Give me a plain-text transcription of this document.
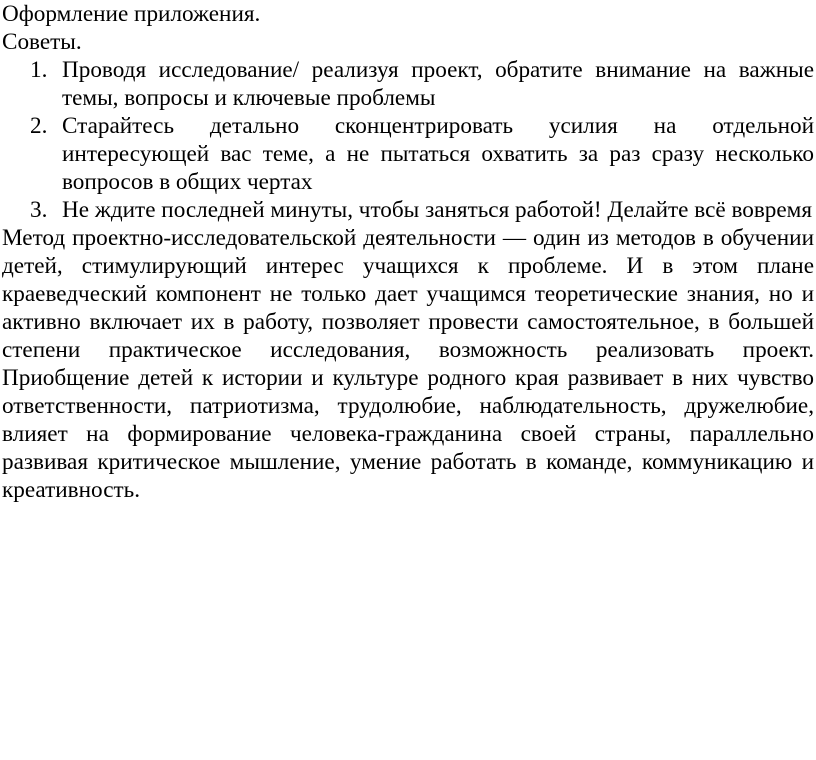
Оформление приложения.

Советы.

1. Проводя исследование/ реализуя проект, обратите внимание на важные темы, вопросы и ключевые проблемы
2. Старайтесь детально сконцентрировать усилия на отдельной интересующей вас теме, а не пытаться охватить за раз сразу несколько вопросов в общих чертах
3. Не ждите последней минуты, чтобы заняться работой! Делайте всё вовремя

Метод проектно-исследовательской деятельности — один из методов в обучении детей, стимулирующий интерес учащихся к проблеме. И в этом плане краеведческий компонент не только дает учащимся теоретические знания, но и активно включает их в работу, позволяет провести самостоятельное, в большей степени практическое исследования, возможность реализовать проект. Приобщение детей к истории и культуре родного края развивает в них чувство ответственности, патриотизма, трудолюбие, наблюдательность, дружелюбие, влияет на формирование человека-гражданина своей страны, параллельно развивая критическое мышление, умение работать в команде, коммуникацию и креативность.
